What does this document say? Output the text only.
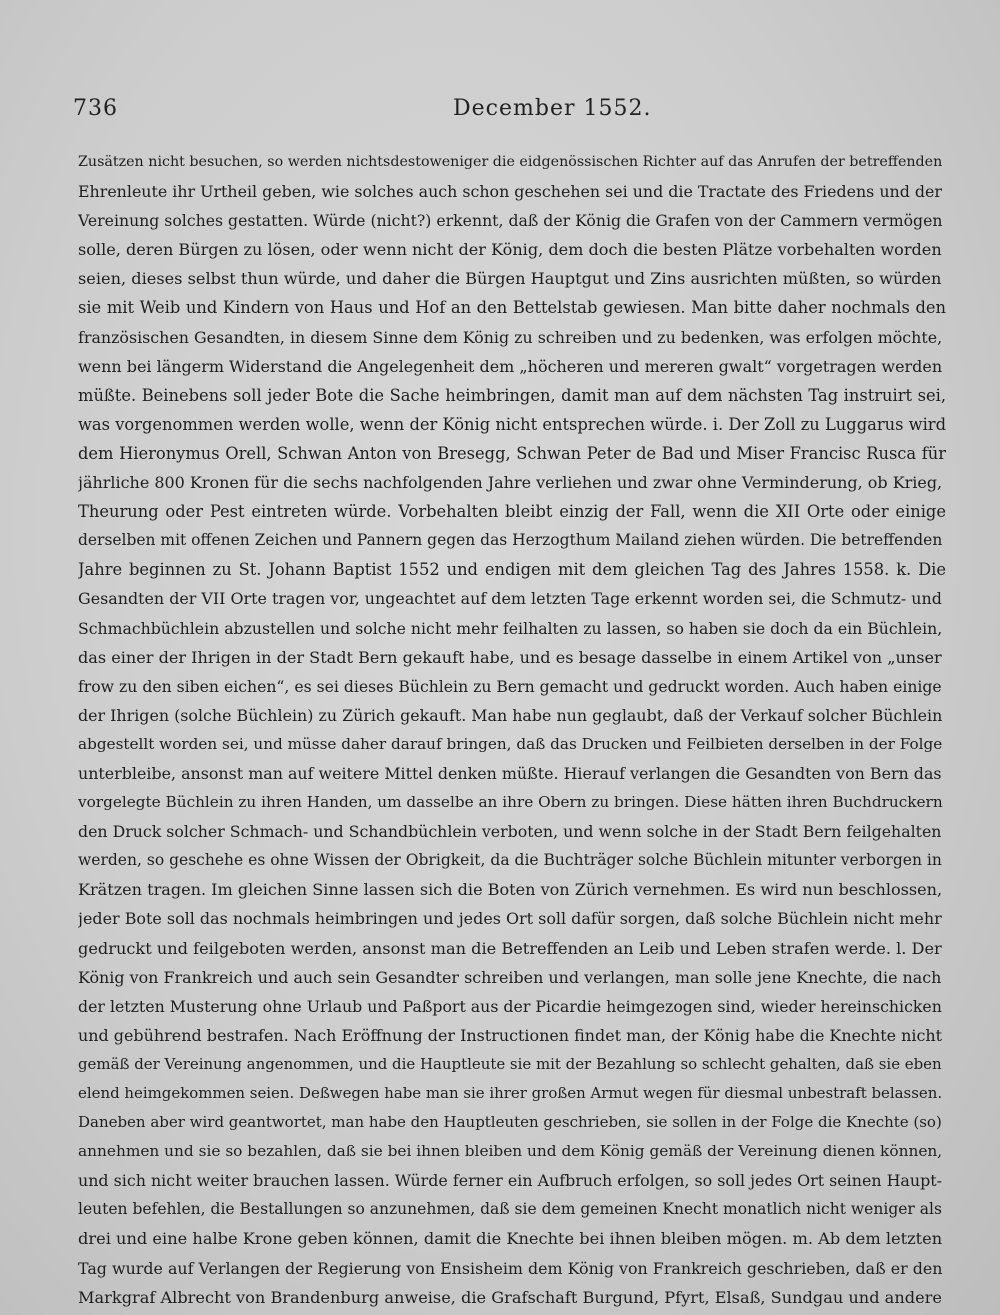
736	December 1552.
Zusätzen nicht besuchen, so werden nichtsdestoweniger die eidgenössischen Richter auf das Anrufen der betreffenden
Ehrenleute ihr Urtheil geben, wie solches auch schon geschehen sei und die Tractate des Friedens und der
Vereinung solches gestatten. Würde (nicht?) erkennt, daß der König die Grafen von der Cammern vermögen
solle, deren Bürgen zu lösen, oder wenn nicht der König, dem doch die besten Plätze vorbehalten worden
seien, dieses selbst thun würde, und daher die Bürgen Hauptgut und Zins ausrichten müßten, so würden
sie mit Weib und Kindern von Haus und Hof an den Bettelstab gewiesen. Man bitte daher nochmals den
französischen Gesandten, in diesem Sinne dem König zu schreiben und zu bedenken, was erfolgen möchte,
wenn bei längerm Widerstand die Angelegenheit dem „höcheren und mereren gwalt“ vorgetragen werden
müßte. Beinebens soll jeder Bote die Sache heimbringen, damit man auf dem nächsten Tag instruirt sei,
was vorgenommen werden wolle, wenn der König nicht entsprechen würde. i. Der Zoll zu Luggarus wird
dem Hieronymus Orell, Schwan Anton von Bresegg, Schwan Peter de Bad und Miser Francisc Rusca für
jährliche 800 Kronen für die sechs nachfolgenden Jahre verliehen und zwar ohne Verminderung, ob Krieg,
Theurung oder Pest eintreten würde. Vorbehalten bleibt einzig der Fall, wenn die XII Orte oder einige
derselben mit offenen Zeichen und Pannern gegen das Herzogthum Mailand ziehen würden. Die betreffenden
Jahre beginnen zu St. Johann Baptist 1552 und endigen mit dem gleichen Tag des Jahres 1558. k. Die
Gesandten der VII Orte tragen vor, ungeachtet auf dem letzten Tage erkennt worden sei, die Schmutz- und
Schmachbüchlein abzustellen und solche nicht mehr feilhalten zu lassen, so haben sie doch da ein Büchlein,
das einer der Ihrigen in der Stadt Bern gekauft habe, und es besage dasselbe in einem Artikel von „unser
frow zu den siben eichen“, es sei dieses Büchlein zu Bern gemacht und gedruckt worden. Auch haben einige
der Ihrigen (solche Büchlein) zu Zürich gekauft. Man habe nun geglaubt, daß der Verkauf solcher Büchlein
abgestellt worden sei, und müsse daher darauf bringen, daß das Drucken und Feilbieten derselben in der Folge
unterbleibe, ansonst man auf weitere Mittel denken müßte. Hierauf verlangen die Gesandten von Bern das
vorgelegte Büchlein zu ihren Handen, um dasselbe an ihre Obern zu bringen. Diese hätten ihren Buchdruckern
den Druck solcher Schmach- und Schandbüchlein verboten, und wenn solche in der Stadt Bern feilgehalten
werden, so geschehe es ohne Wissen der Obrigkeit, da die Buchträger solche Büchlein mitunter verborgen in
Krätzen tragen. Im gleichen Sinne lassen sich die Boten von Zürich vernehmen. Es wird nun beschlossen,
jeder Bote soll das nochmals heimbringen und jedes Ort soll dafür sorgen, daß solche Büchlein nicht mehr
gedruckt und feilgeboten werden, ansonst man die Betreffenden an Leib und Leben strafen werde. l. Der
König von Frankreich und auch sein Gesandter schreiben und verlangen, man solle jene Knechte, die nach
der letzten Musterung ohne Urlaub und Paßport aus der Picardie heimgezogen sind, wieder hereinschicken
und gebührend bestrafen. Nach Eröffnung der Instructionen findet man, der König habe die Knechte nicht
gemäß der Vereinung angenommen, und die Hauptleute sie mit der Bezahlung so schlecht gehalten, daß sie eben
elend heimgekommen seien. Deßwegen habe man sie ihrer großen Armut wegen für diesmal unbestraft belassen.
Daneben aber wird geantwortet, man habe den Hauptleuten geschrieben, sie sollen in der Folge die Knechte (so)
annehmen und sie so bezahlen, daß sie bei ihnen bleiben und dem König gemäß der Vereinung dienen können,
und sich nicht weiter brauchen lassen. Würde ferner ein Aufbruch erfolgen, so soll jedes Ort seinen Haupt-
leuten befehlen, die Bestallungen so anzunehmen, daß sie dem gemeinen Knecht monatlich nicht weniger als
drei und eine halbe Krone geben können, damit die Knechte bei ihnen bleiben mögen. m. Ab dem letzten
Tag wurde auf Verlangen der Regierung von Ensisheim dem König von Frankreich geschrieben, daß er den
Markgraf Albrecht von Brandenburg anweise, die Grafschaft Burgund, Pfyrt, Elsaß, Sundgau und andere
